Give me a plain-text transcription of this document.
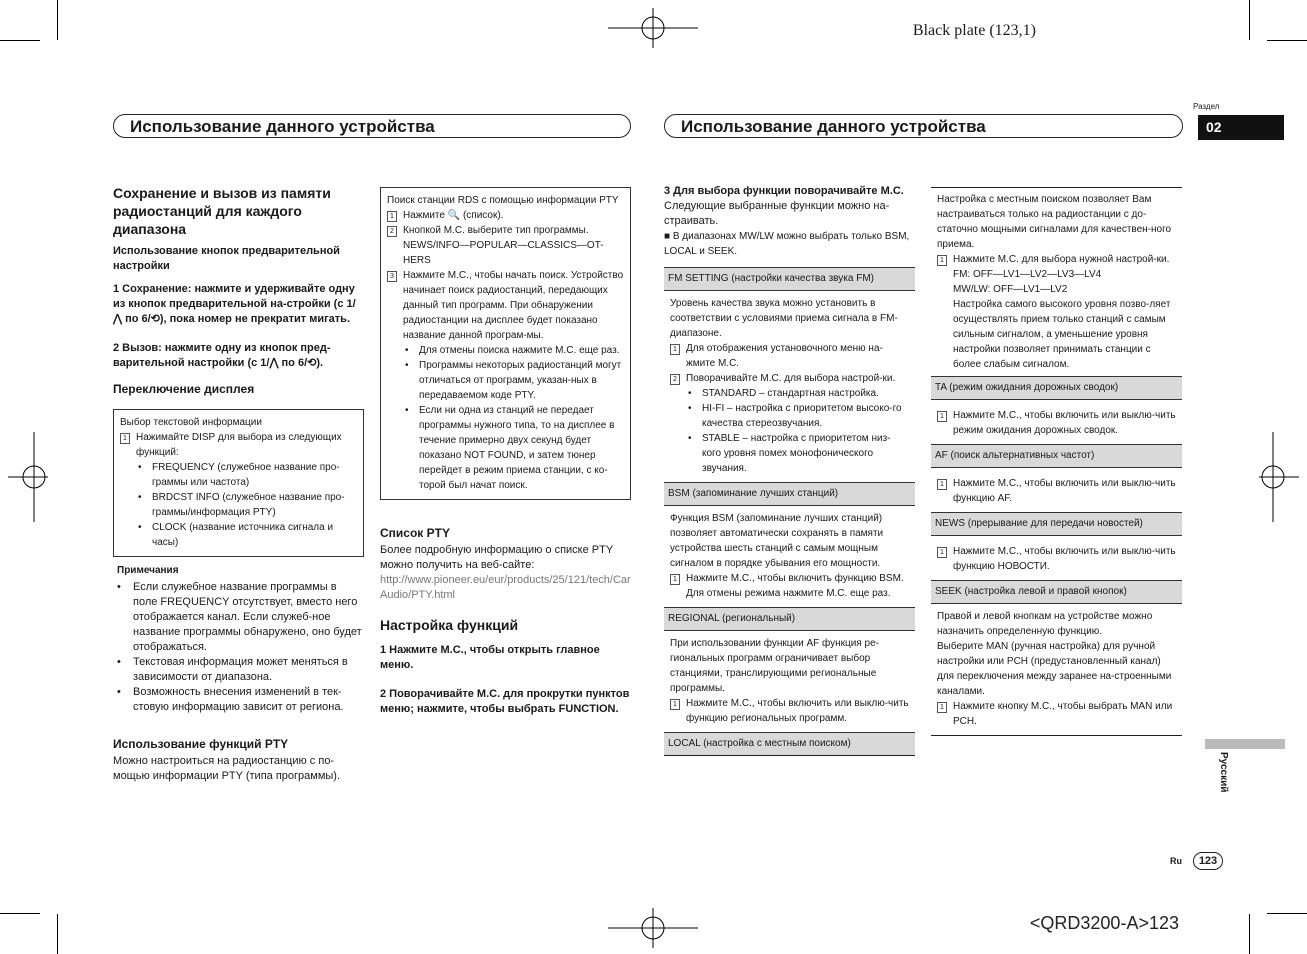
Black plate (123,1)
<QRD3200-A>123
Использование данного устройства	Использование данного устройства
Раздел
02
Сохранение и вызов из памяти радиостанций для каждого диапазона
Использование кнопок предварительной настройки

1 Сохранение: нажмите и удерживайте одну из кнопок предварительной на-стройки (с 1/⋀ по 6/⟲), пока номер не прекратит мигать.

2 Вызов: нажмите одну из кнопок пред-варительной настройки (с 1/⋀ по 6/⟲).

Переключение дисплея
Выбор текстовой информации
1 Нажимайте DISP для выбора из следующих функций:
•	FREQUENCY (служебное название про-граммы или частота)
•	BRDCST INFO (служебное название про-граммы/информация PTY)
•	CLOCK (название источника сигнала и часы)
Примечания
•	Если служебное название программы в поле FREQUENCY отсутствует, вместо него отображается канал. Если служеб-ное название программы обнаружено, оно будет отображаться.
•	Текстовая информация может меняться в зависимости от диапазона.
•	Возможность внесения изменений в тек-стовую информацию зависит от региона.
Использование функций PTY

Можно настроиться на радиостанцию с по-мощью информации PTY (типа программы).

Поиск станции RDS с помощью информации PTY
1 Нажмите 🔍 (список).
2 Кнопкой M.C. выберите тип программы. NEWS/INFO—POPULAR—CLASSICS—OT-HERS
3 Нажмите M.C., чтобы начать поиск. Устройство начинает поиск радиостанций, передающих данный тип программ. При обнаружении радиостанции на дисплее будет показано название данной програм-мы.
•	Для отмены поиска нажмите M.C. еще раз.
•	Программы некоторых радиостанций могут отличаться от программ, указан-ных в передаваемом коде PTY.
•	Если ни одна из станций не передает программы нужного типа, то на дисплее в течение примерно двух секунд будет показано NOT FOUND, и затем тюнер перейдет в режим приема станции, с ко-торой был начат поиск.
Список PTY

Более подробную информацию о списке PTY можно получить на веб-сайте:

http://www.pioneer.eu/eur/products/25/121/tech/CarAudio/PTY.html

Настройка функций

1 Нажмите M.C., чтобы открыть главное меню.

2 Поворачивайте M.C. для прокрутки пунктов меню; нажмите, чтобы выбрать FUNCTION.

3 Для выбора функции поворачивайте M.C.

Следующие выбранные функции можно на-страивать.

■ В диапазонах MW/LW можно выбрать только BSM, LOCAL и SEEK.

FM SETTING (настройки качества звука FM)

Уровень качества звука можно установить в соответствии с условиями приема сигнала в FM-диапазоне.

1 Для отображения установочного меню на-жмите M.C.
2 Поворачивайте M.C. для выбора настрой-ки.
•	STANDARD – стандартная настройка.
•	HI-FI – настройка с приоритетом высоко-го качества стереозвучания.
•	STABLE – настройка с приоритетом низ-кого уровня помех монофонического звучания.
BSM (запоминание лучших станций)

Функция BSM (запоминание лучших станций) позволяет автоматически сохранять в памяти устройства шесть станций с самым мощным сигналом в порядке убывания его мощности.

1 Нажмите M.C., чтобы включить функцию BSM.

Для отмены режима нажмите M.C. еще раз.

REGIONAL (региональный)

При использовании функции AF функция ре-гиональных программ ограничивает выбор станциями, транслирующими региональные программы.

1 Нажмите M.C., чтобы включить или выклю-чить функцию региональных программ.
LOCAL (настройка с местным поиском)

Настройка с местным поиском позволяет Вам настраиваться только на радиостанции с до-статочно мощными сигналами для качествен-ного приема.

1 Нажмите M.C. для выбора нужной настрой-ки.

FM: OFF—LV1—LV2—LV3—LV4

MW/LW: OFF—LV1—LV2

Настройка самого высокого уровня позво-ляет осуществлять прием только станций с самым сильным сигналом, а уменьшение уровня настройки позволяет принимать станции с более слабым сигналом.

TA (режим ожидания дорожных сводок)
1 Нажмите M.C., чтобы включить или выклю-чить режим ожидания дорожных сводок.
AF (поиск альтернативных частот)
1 Нажмите M.C., чтобы включить или выклю-чить функцию AF.
NEWS (прерывание для передачи новостей)
1 Нажмите M.C., чтобы включить или выклю-чить функцию НОВОСТИ.
SEEK (настройка левой и правой кнопок)

Правой и левой кнопкам на устройстве можно назначить определенную функцию.

Выберите MAN (ручная настройка) для ручной настройки или PCH (предустановленный канал) для переключения между заранее на-строенными каналами.

1 Нажмите кнопку M.C., чтобы выбрать MAN или PCH.
Русский
Ru	123
